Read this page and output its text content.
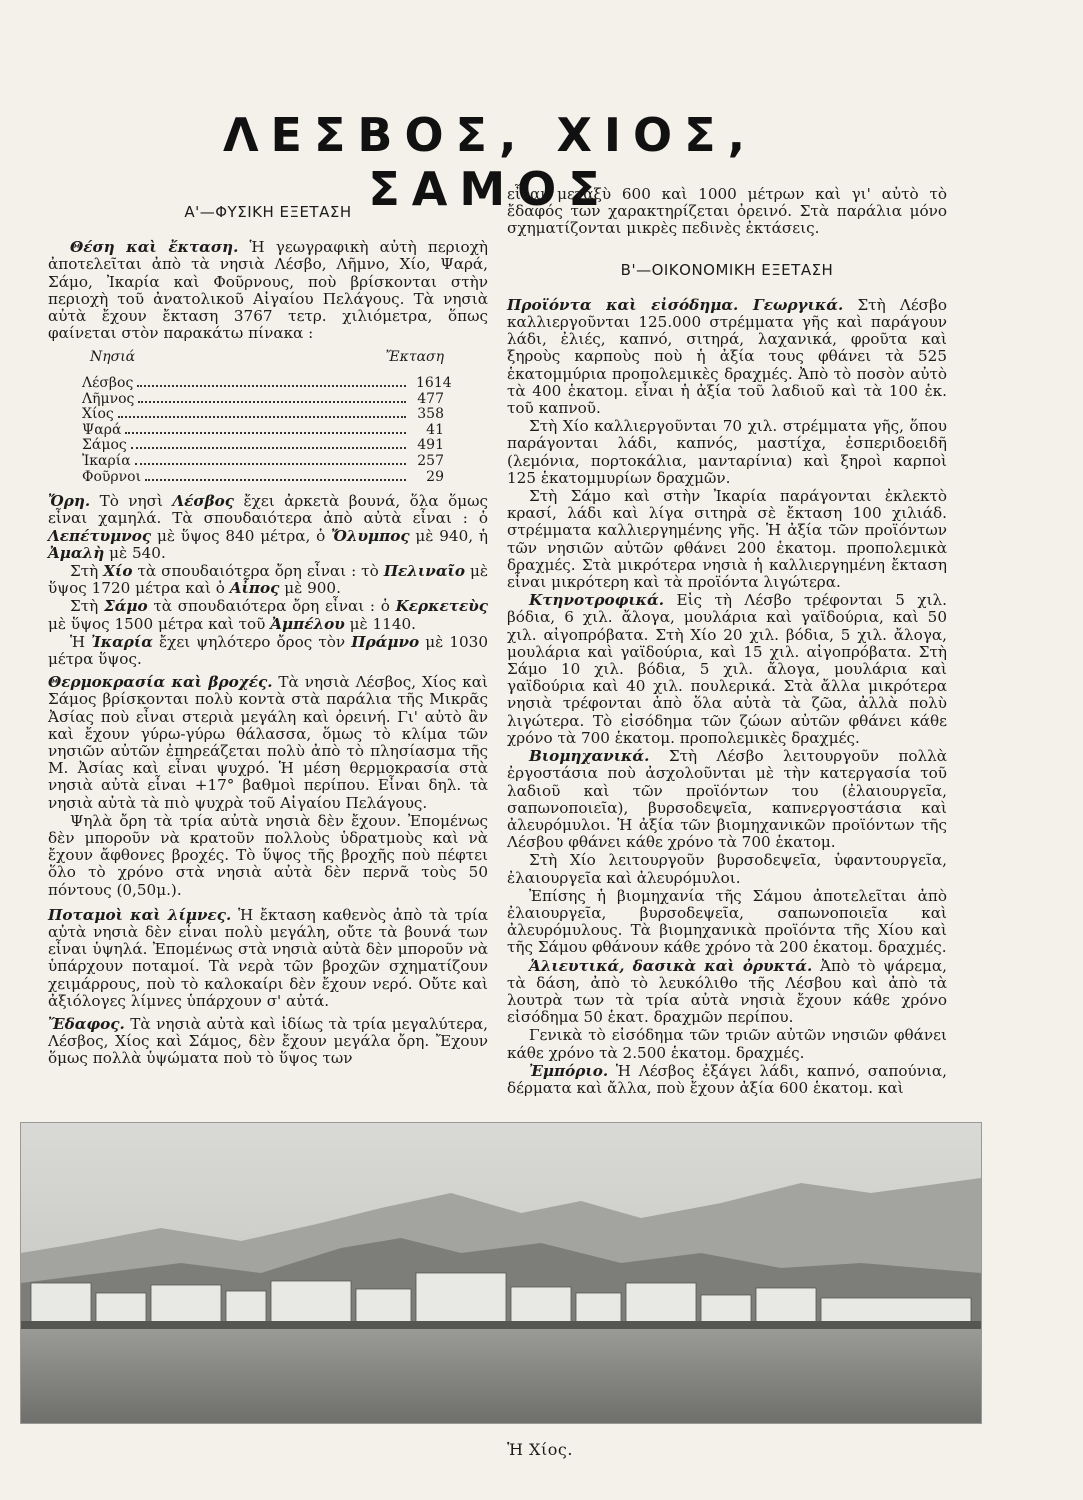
ΛΕΣΒΟΣ, ΧΙΟΣ, ΣΑΜΟΣ
Α'—ΦΥΣΙΚΗ ΕΞΕΤΑΣΗ

Θέση καὶ ἔκταση. Ἡ γεωγραφικὴ αὐτὴ περιοχὴ ἀποτελεῖται ἀπὸ τὰ νησιὰ Λέσβο, Λῆμνο, Χίο, Ψαρά, Σάμο, Ἰκαρία καὶ Φοῦρνους, ποὺ βρίσκονται στὴν περιοχὴ τοῦ ἀνατολικοῦ Αἰγαίου Πελάγους. Τὰ νησιὰ αὐτὰ ἔχουν ἔκταση 3767 τετρ. χιλιόμετρα, ὅπως φαίνεται στὸν παρακάτω πίνακα :

Νησιά	Ἔκταση
Λέσβος	1614
Λῆμνος	477
Χίος	358
Ψαρά	41
Σάμος	491
Ἰκαρία	257
Φοῦρνοι	29

Ὄρη. Τὸ νησὶ Λέσβος ἔχει ἀρκετὰ βουνά, ὅλα ὅμως εἶναι χαμηλά. Τὰ σπουδαιότερα ἀπὸ αὐτὰ εἶναι : ὁ Λεπέτυμνος μὲ ὕψος 840 μέτρα, ὁ Ὄλυμπος μὲ 940, ἡ Ἀμαλὴ μὲ 540.

Στὴ Χίο τὰ σπουδαιότερα ὄρη εἶναι : τὸ Πελιναῖο μὲ ὕψος 1720 μέτρα καὶ ὁ Αἶπος μὲ 900.

Στὴ Σάμο τὰ σπουδαιότερα ὄρη εἶναι : ὁ Κερκετεὺς μὲ ὕψος 1500 μέτρα καὶ τοῦ Ἀμπέλου μὲ 1140.

Ἡ Ἰκαρία ἔχει ψηλότερο ὄρος τὸν Πράμνο μὲ 1030 μέτρα ὕψος.

Θερμοκρασία καὶ βροχές. Τὰ νησιὰ Λέσβος, Χίος καὶ Σάμος βρίσκονται πολὺ κοντὰ στὰ παράλια τῆς Μικρᾶς Ἀσίας ποὺ εἶναι στεριὰ μεγάλη καὶ ὀρεινή. Γι' αὐτὸ ἂν καὶ ἔχουν γύρω-γύρω θάλασσα, ὅμως τὸ κλίμα τῶν νησιῶν αὐτῶν ἐπηρεάζεται πολὺ ἀπὸ τὸ πλησίασμα τῆς Μ. Ἀσίας καὶ εἶναι ψυχρό. Ἡ μέση θερμοκρασία στὰ νησιὰ αὐτὰ εἶναι +17° βαθμοὶ περίπου. Εἶναι δηλ. τὰ νησιὰ αὐτὰ τὰ πιὸ ψυχρὰ τοῦ Αἰγαίου Πελάγους.

Ψηλὰ ὄρη τὰ τρία αὐτὰ νησιὰ δὲν ἔχουν. Ἐπομένως δὲν μποροῦν νὰ κρατοῦν πολλοὺς ὑδρατμοὺς καὶ νὰ ἔχουν ἄφθονες βροχές. Τὸ ὕψος τῆς βροχῆς ποὺ πέφτει ὅλο τὸ χρόνο στὰ νησιὰ αὐτὰ δὲν περνᾶ τοὺς 50 πόντους (0,50μ.).

Ποταμοὶ καὶ λίμνες. Ἡ ἔκταση καθενὸς ἀπὸ τὰ τρία αὐτὰ νησιὰ δὲν εἶναι πολὺ μεγάλη, οὔτε τὰ βουνά των εἶναι ὑψηλά. Ἐπομένως στὰ νησιὰ αὐτὰ δὲν μποροῦν νὰ ὑπάρχουν ποταμοί. Τὰ νερὰ τῶν βροχῶν σχηματίζουν χειμάρρους, ποὺ τὸ καλοκαίρι δὲν ἔχουν νερό. Οὔτε καὶ ἀξιόλογες λίμνες ὑπάρχουν σ' αὐτά.

Ἔδαφος. Τὰ νησιὰ αὐτὰ καὶ ἰδίως τὰ τρία μεγαλύτερα, Λέσβος, Χίος καὶ Σάμος, δὲν ἔχουν μεγάλα ὄρη. Ἔχουν ὅμως πολλὰ ὑψώματα ποὺ τὸ ὕψος των

εἶναι μεταξὺ 600 καὶ 1000 μέτρων καὶ γι' αὐτὸ τὸ ἔδαφός των χαρακτηρίζεται ὀρεινό. Στὰ παράλια μόνο σχηματίζονται μικρὲς πεδινὲς ἐκτάσεις.

Β'—ΟΙΚΟΝΟΜΙΚΗ ΕΞΕΤΑΣΗ

Προϊόντα καὶ εἰσόδημα. Γεωργικά. Στὴ Λέσβο καλλιεργοῦνται 125.000 στρέμματα γῆς καὶ παράγουν λάδι, ἐλιές, καπνό, σιτηρά, λαχανικά, φροῦτα καὶ ξηροὺς καρποὺς ποὺ ἡ ἀξία τους φθάνει τὰ 525 ἑκατομμύρια προπολεμικὲς δραχμές. Ἀπὸ τὸ ποσὸν αὐτὸ τὰ 400 ἑκατομ. εἶναι ἡ ἀξία τοῦ λαδιοῦ καὶ τὰ 100 ἑκ. τοῦ καπνοῦ.

Στὴ Χίο καλλιεργοῦνται 70 χιλ. στρέμματα γῆς, ὅπου παράγονται λάδι, καπνός, μαστίχα, ἐσπεριδοειδῆ (λεμόνια, πορτοκάλια, μανταρίνια) καὶ ξηροὶ καρποὶ 125 ἑκατομμυρίων δραχμῶν.

Στὴ Σάμο καὶ στὴν Ἰκαρία παράγονται ἐκλεκτὸ κρασί, λάδι καὶ λίγα σιτηρὰ σὲ ἔκταση 100 χιλιάδ. στρέμματα καλλιεργημένης γῆς. Ἡ ἀξία τῶν προϊόντων τῶν νησιῶν αὐτῶν φθάνει 200 ἑκατομ. προπολεμικὰ δραχμές. Στὰ μικρότερα νησιὰ ἡ καλλιεργημένη ἔκταση εἶναι μικρότερη καὶ τὰ προϊόντα λιγώτερα.

Κτηνοτροφικά. Εἰς τὴ Λέσβο τρέφονται 5 χιλ. βόδια, 6 χιλ. ἄλογα, μουλάρια καὶ γαϊδούρια, καὶ 50 χιλ. αἰγοπρόβατα. Στὴ Χίο 20 χιλ. βόδια, 5 χιλ. ἄλογα, μουλάρια καὶ γαϊδούρια, καὶ 15 χιλ. αἰγοπρόβατα. Στὴ Σάμο 10 χιλ. βόδια, 5 χιλ. ἄλογα, μουλάρια καὶ γαϊδούρια καὶ 40 χιλ. πουλερικά. Στὰ ἄλλα μικρότερα νησιὰ τρέφονται ἀπὸ ὅλα αὐτὰ τὰ ζῶα, ἀλλὰ πολὺ λιγώτερα. Τὸ εἰσόδημα τῶν ζώων αὐτῶν φθάνει κάθε χρόνο τὰ 700 ἑκατομ. προπολεμικὲς δραχμές.

Βιομηχανικά. Στὴ Λέσβο λειτουργοῦν πολλὰ ἐργοστάσια ποὺ ἀσχολοῦνται μὲ τὴν κατεργασία τοῦ λαδιοῦ καὶ τῶν προϊόντων του (ἐλαιουργεῖα, σαπωνοποιεῖα), βυρσοδεψεῖα, καπνεργοστάσια καὶ ἀλευρόμυλοι. Ἡ ἀξία τῶν βιομηχανικῶν προϊόντων τῆς Λέσβου φθάνει κάθε χρόνο τὰ 700 ἑκατομ.

Στὴ Χίο λειτουργοῦν βυρσοδεψεῖα, ὑφαντουργεῖα, ἐλαιουργεῖα καὶ ἀλευρόμυλοι.

Ἐπίσης ἡ βιομηχανία τῆς Σάμου ἀποτελεῖται ἀπὸ ἐλαιουργεῖα, βυρσοδεψεῖα, σαπωνοποιεῖα καὶ ἀλευρόμυλους. Τὰ βιομηχανικὰ προϊόντα τῆς Χίου καὶ τῆς Σάμου φθάνουν κάθε χρόνο τὰ 200 ἑκατομ. δραχμές.

Ἁλιευτικά, δασικὰ καὶ ὀρυκτά. Ἀπὸ τὸ ψάρεμα, τὰ δάση, ἀπὸ τὸ λευκόλιθο τῆς Λέσβου καὶ ἀπὸ τὰ λουτρὰ των τὰ τρία αὐτὰ νησιὰ ἔχουν κάθε χρόνο εἰσόδημα 50 ἑκατ. δραχμῶν περίπου.

Γενικὰ τὸ εἰσόδημα τῶν τριῶν αὐτῶν νησιῶν φθάνει κάθε χρόνο τὰ 2.500 ἑκατομ. δραχμές.

Ἐμπόριο. Ἡ Λέσβος ἐξάγει λάδι, καπνό, σαπούνια, δέρματα καὶ ἄλλα, ποὺ ἔχουν ἀξία 600 ἑκατομ. καὶ

Ἡ Χίος.
